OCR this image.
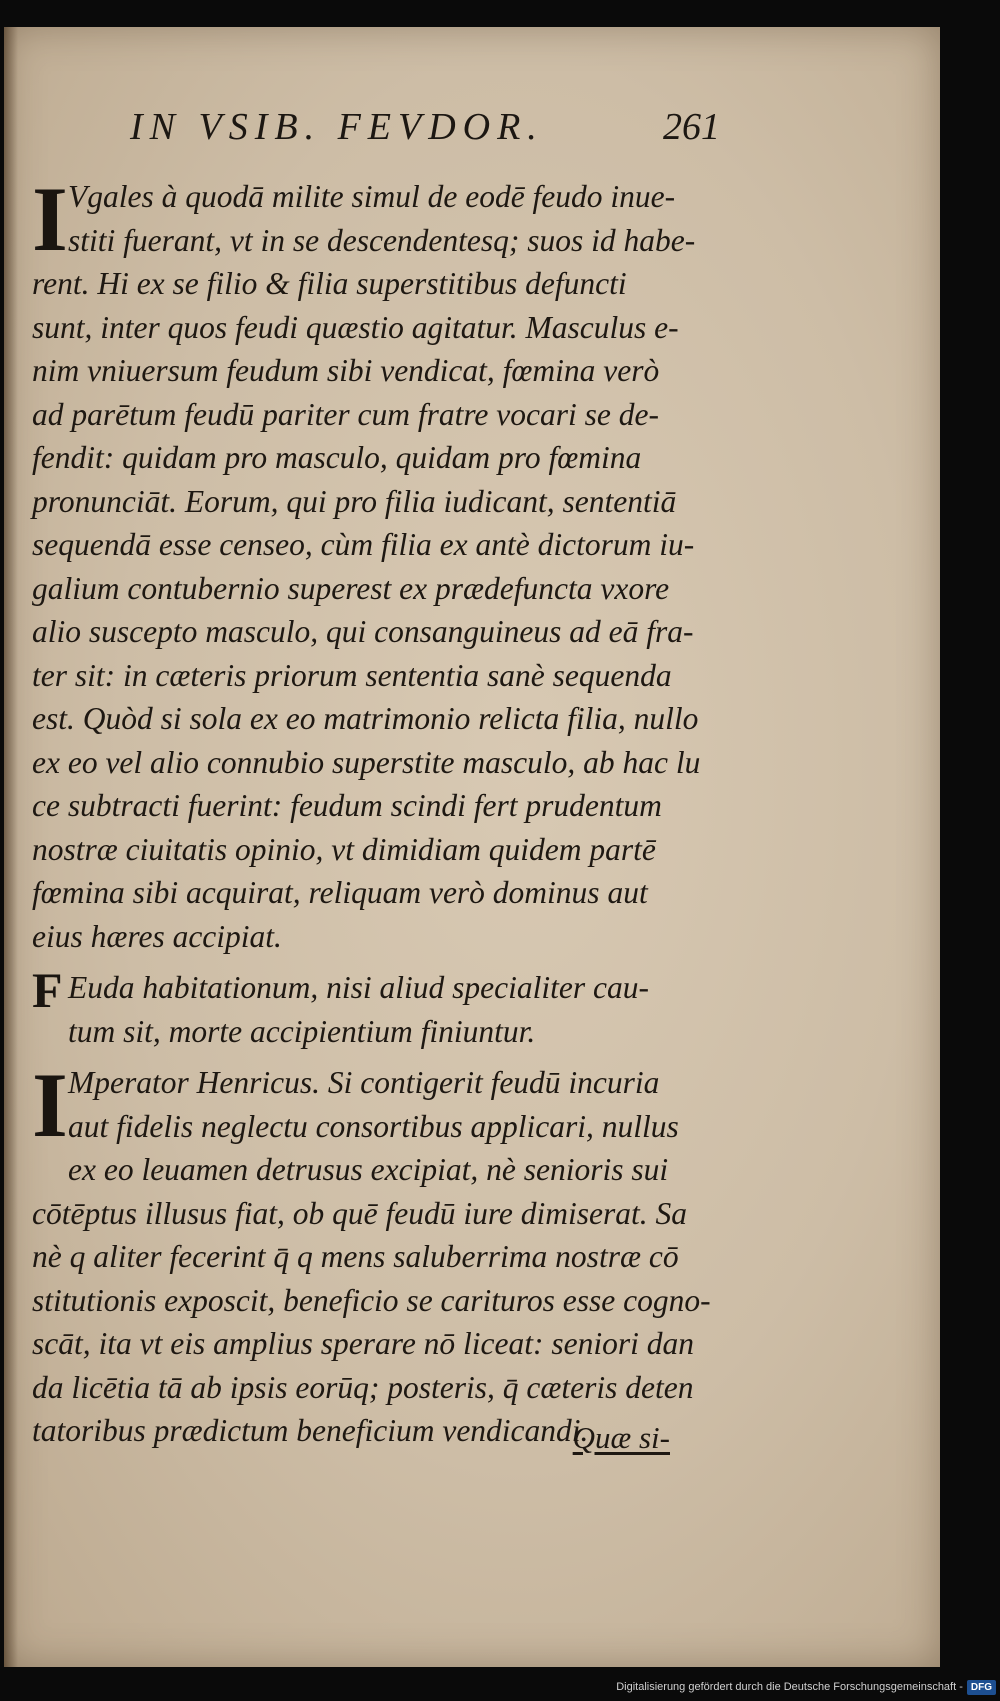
IN VSIB. FEVDOR.	261
I Vgales à quodā milite simul de eodē feudo inue-
stiti fuerant, vt in se descendentesq; suos id habe-
rent. Hi ex se filio & filia superstitibus defuncti
sunt, inter quos feudi quæstio agitatur. Masculus e-
nim vniuersum feudum sibi vendicat, fœmina verò
ad parētum feudū pariter cum fratre vocari se de-
fendit: quidam pro masculo, quidam pro fœmina
pronunciāt. Eorum, qui pro filia iudicant, sententiā
sequendā esse censeo, cùm filia ex antè dictorum iu-
galium contubernio superest ex prædefuncta vxore
alio suscepto masculo, qui consanguineus ad eā fra-
ter sit: in cæteris priorum sententia sanè sequenda
est. Quòd si sola ex eo matrimonio relicta filia, nullo
ex eo vel alio connubio superstite masculo, ab hac lu
ce subtracti fuerint: feudum scindi fert prudentum
nostræ ciuitatis opinio, vt dimidiam quidem partē
fœmina sibi acquirat, reliquam verò dominus aut
eius hæres accipiat.
F Euda habitationum, nisi aliud specialiter cau-
tum sit, morte accipientium finiuntur.
I Mperator Henricus. Si contigerit feudū incuria
aut fidelis neglectu consortibus applicari, nullus
ex eo leuamen detrusus excipiat, nè senioris sui
cōtēptus illusus fiat, ob quē feudū iure dimiserat. Sa
nè q aliter fecerint q̄ q mens saluberrima nostræ cō
stitutionis exposcit, beneficio se carituros esse cogno-
scāt, ita vt eis amplius sperare nō liceat: seniori dan
da licētia tā ab ipsis eorūq; posteris, q̄ cæteris deten
tatoribus prædictum beneficium vendicandi.
Quæ si-
Digitalisierung gefördert durch die Deutsche Forschungsgemeinschaft - DFG
